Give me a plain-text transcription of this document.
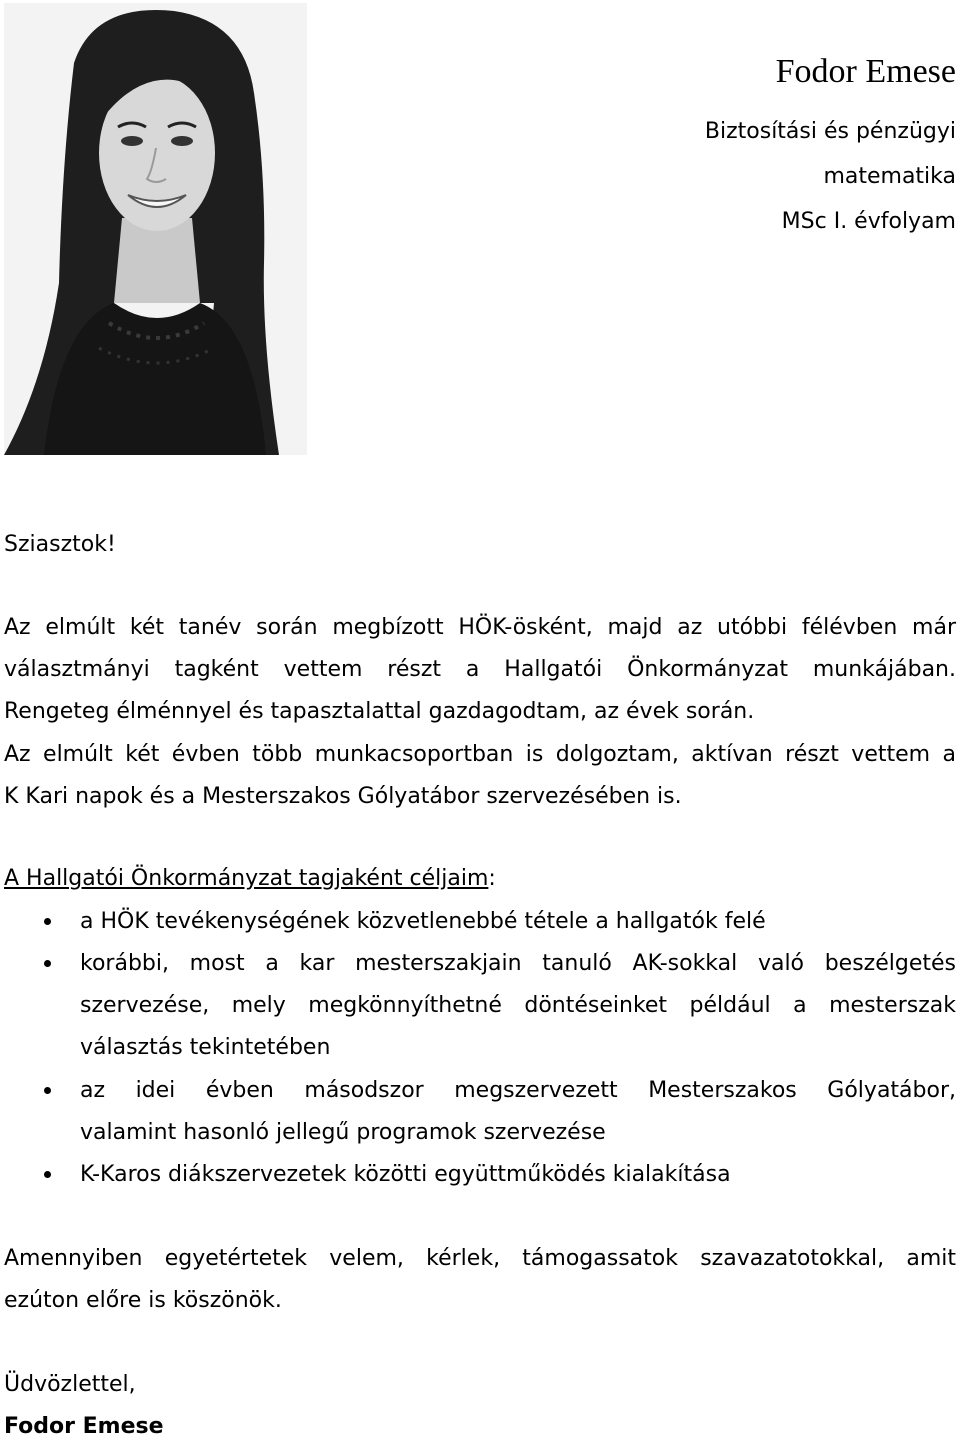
Fodor Emese
Biztosítási és pénzügyi
matematika
MSc I. évfolyam
Sziasztok!
Az elmúlt két tanév során megbízott HÖK-ösként, majd az utóbbi félévben már
választmányi tagként vettem részt a Hallgatói Önkormányzat munkájában.
Rengeteg élménnyel és tapasztalattal gazdagodtam, az évek során.
Az elmúlt két évben több munkacsoportban is dolgoztam, aktívan részt vettem a
K Kari napok és a Mesterszakos Gólyatábor szervezésében is.
A Hallgatói Önkormányzat tagjaként céljaim:
a HÖK tevékenységének közvetlenebbé tétele a hallgatók felé
korábbi, most a kar mesterszakjain tanuló AK-sokkal való beszélgetés
szervezése, mely megkönnyíthetné döntéseinket például a mesterszak
választás tekintetében
az idei évben másodszor megszervezett Mesterszakos Gólyatábor,
valamint hasonló jellegű programok szervezése
K-Karos diákszervezetek közötti együttműködés kialakítása
Amennyiben egyetértetek velem, kérlek, támogassatok szavazatotokkal, amit
ezúton előre is köszönök.
Üdvözlettel,
Fodor Emese
